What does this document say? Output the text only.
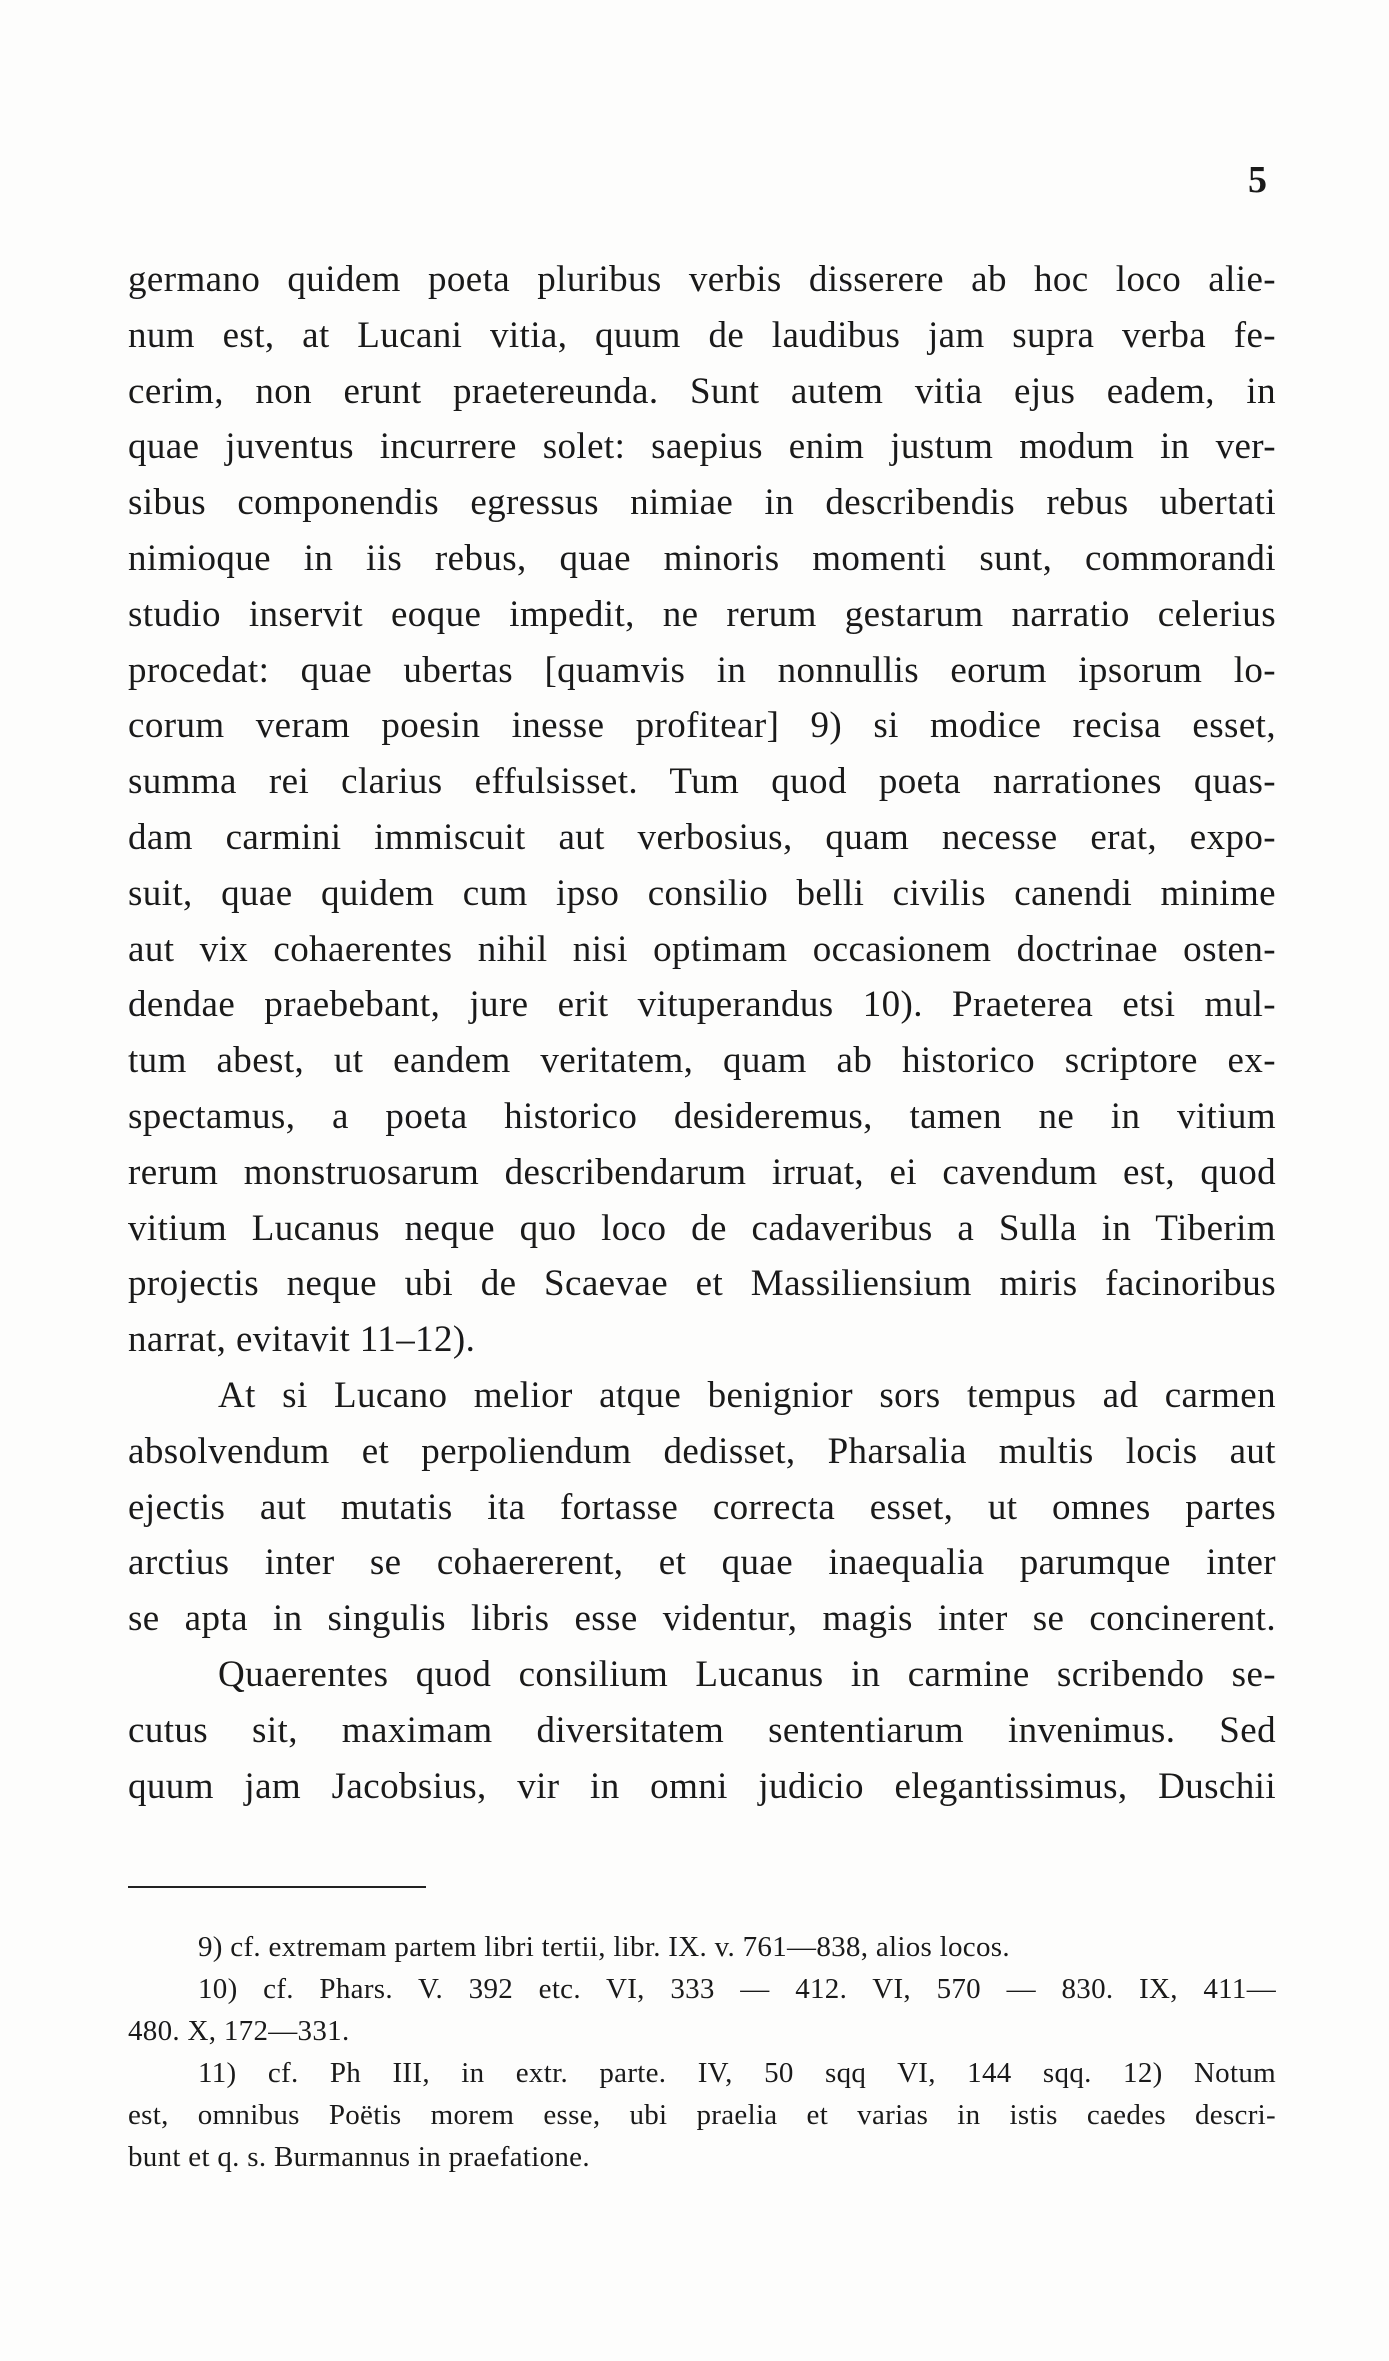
5
germano quidem poeta pluribus verbis disserere ab hoc loco alie-
num est, at Lucani vitia, quum de laudibus jam supra verba fe-
cerim, non erunt praetereunda. Sunt autem vitia ejus eadem, in
quae juventus incurrere solet: saepius enim justum modum in ver-
sibus componendis egressus nimiae in describendis rebus ubertati
nimioque in iis rebus, quae minoris momenti sunt, commorandi
studio inservit eoque impedit, ne rerum gestarum narratio celerius
procedat: quae ubertas [quamvis in nonnullis eorum ipsorum lo-
corum veram poesin inesse profitear] 9) si modice recisa esset,
summa rei clarius effulsisset. Tum quod poeta narrationes quas-
dam carmini immiscuit aut verbosius, quam necesse erat, expo-
suit, quae quidem cum ipso consilio belli civilis canendi minime
aut vix cohaerentes nihil nisi optimam occasionem doctrinae osten-
dendae praebebant, jure erit vituperandus 10). Praeterea etsi mul-
tum abest, ut eandem veritatem, quam ab historico scriptore ex-
spectamus, a poeta historico desideremus, tamen ne in vitium
rerum monstruosarum describendarum irruat, ei cavendum est, quod
vitium Lucanus neque quo loco de cadaveribus a Sulla in Tiberim
projectis neque ubi de Scaevae et Massiliensium miris facinoribus
narrat, evitavit 11–12).
At si Lucano melior atque benignior sors tempus ad carmen
absolvendum et perpoliendum dedisset, Pharsalia multis locis aut
ejectis aut mutatis ita fortasse correcta esset, ut omnes partes
arctius inter se cohaererent, et quae inaequalia parumque inter
se apta in singulis libris esse videntur, magis inter se concinerent.
Quaerentes quod consilium Lucanus in carmine scribendo se-
cutus sit, maximam diversitatem sententiarum invenimus. Sed
quum jam Jacobsius, vir in omni judicio elegantissimus, Duschii
9) cf. extremam partem libri tertii, libr. IX. v. 761—838, alios locos.
10) cf. Phars. V. 392 etc. VI, 333 — 412. VI, 570 — 830. IX, 411—
480. X, 172—331.
11) cf. Ph III, in extr. parte. IV, 50 sqq VI, 144 sqq. 12) Notum
est, omnibus Poëtis morem esse, ubi praelia et varias in istis caedes descri-
bunt et q. s. Burmannus in praefatione.
